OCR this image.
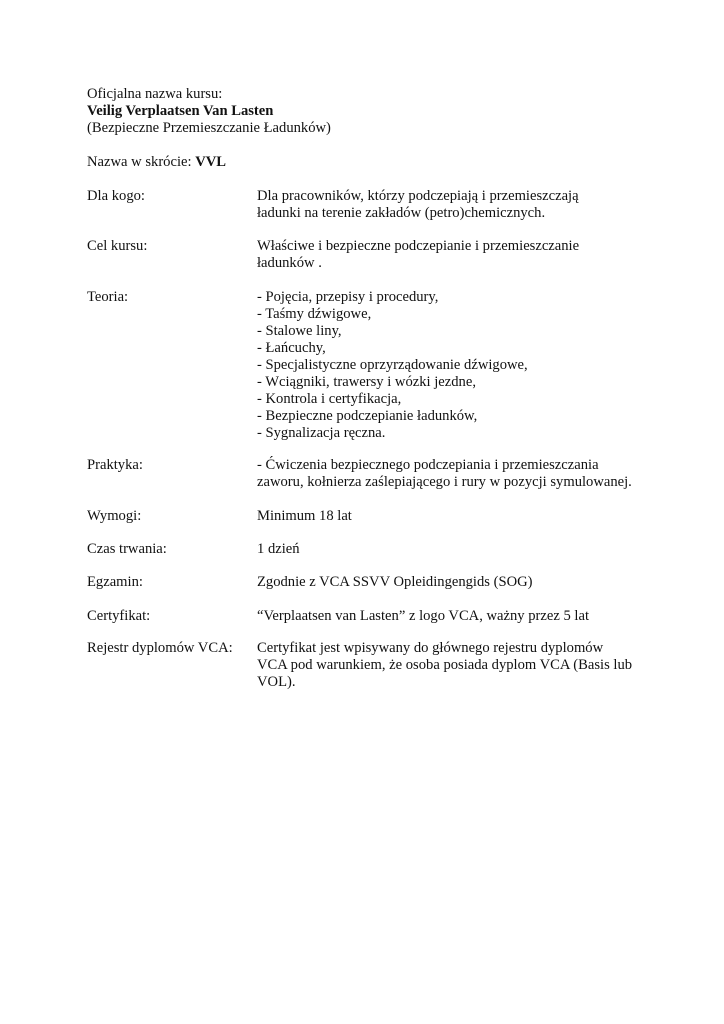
Oficjalna nazwa kursu:
Veilig Verplaatsen Van Lasten
(Bezpieczne Przemieszczanie Ładunków)
Nazwa w skrócie: VVL
Dla kogo:	Dla pracowników, którzy podczepiają i przemieszczają
ładunki na terenie zakładów (petro)chemicznych.
Cel kursu:	Właściwe i bezpieczne podczepianie i przemieszczanie
ładunków .
Teoria:	- Pojęcia, przepisy i procedury,
- Taśmy dźwigowe,
- Stalowe liny,
- Łańcuchy,
- Specjalistyczne oprzyrządowanie dźwigowe,
- Wciągniki, trawersy i wózki jezdne,
- Kontrola i certyfikacja,
- Bezpieczne podczepianie ładunków,
- Sygnalizacja ręczna.
Praktyka:	- Ćwiczenia bezpiecznego podczepiania i przemieszczania
zaworu, kołnierza zaślepiającego i rury w pozycji symulowanej.
Wymogi:	Minimum 18 lat
Czas trwania:	1 dzień
Egzamin:	Zgodnie z VCA SSVV Opleidingengids (SOG)
Certyfikat:	“Verplaatsen van Lasten” z logo VCA, ważny przez 5 lat
Rejestr dyplomów VCA: Certyfikat jest wpisywany do głównego rejestru dyplomów
VCA pod warunkiem, że osoba posiada dyplom VCA (Basis lub
VOL).
